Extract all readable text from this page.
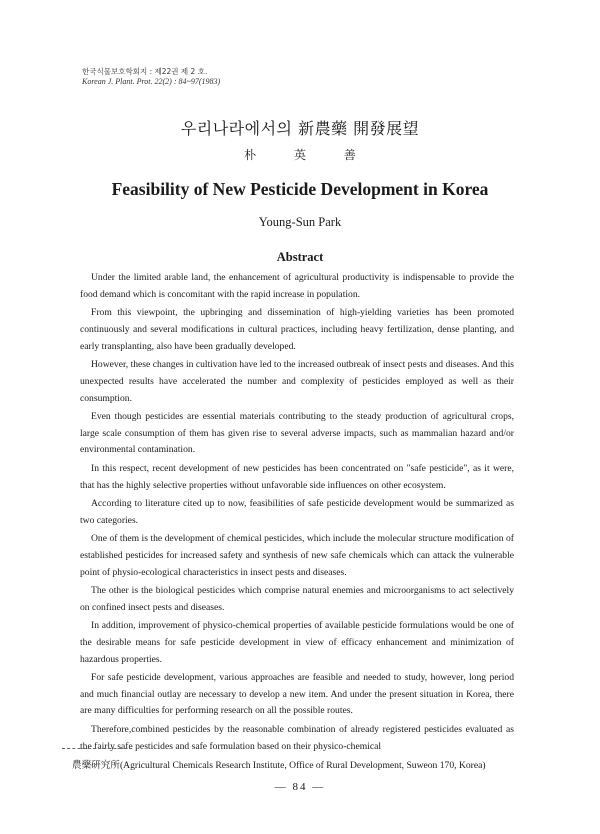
한국식물보호학회지 : 제22권 제 2 호.
Korean J. Plant. Prot. 22(2) : 84~97(1983)
우리나라에서의 新農藥 開發展望
朴 英 善
Feasibility of New Pesticide Development in Korea
Young-Sun Park
Abstract

Under the limited arable land, the enhancement of agricultural productivity is indispensable to provide the food demand which is concomitant with the rapid increase in population.

From this viewpoint, the upbringing and dissemination of high-yielding varieties has been promoted continuously and several modifications in cultural practices, including heavy fertilization, dense planting, and early transplanting, also have been gradually developed.

However, these changes in cultivation have led to the increased outbreak of insect pests and diseases. And this unexpected results have accelerated the number and complexity of pesticides employed as well as their consumption.

Even though pesticides are essential materials contributing to the steady production of agricultural crops, large scale consumption of them has given rise to several adverse impacts, such as mammalian hazard and/or environmental contamination.

In this respect, recent development of new pesticides has been concentrated on "safe pesticide", as it were, that has the highly selective properties without unfavorable side influences on other ecosystem.

According to literature cited up to now, feasibilities of safe pesticide development would be summarized as two categories.

One of them is the development of chemical pesticides, which include the molecular structure modification of established pesticides for increased safety and synthesis of new safe chemicals which can attack the vulnerable point of physio-ecological characteristics in insect pests and diseases.

The other is the biological pesticides which comprise natural enemies and microorganisms to act selectively on confined insect pests and diseases.

In addition, improvement of physico-chemical properties of available pesticide formulations would be one of the desirable means for safe pesticide development in view of efficacy enhancement and minimization of hazardous properties.

For safe pesticide development, various approaches are feasible and needed to study, however, long period and much financial outlay are necessary to develop a new item. And under the present situation in Korea, there are many difficulties for performing research on all the possible routes.

Therefore,combined pesticides by the reasonable combination of already registered pesticides evaluated as the fairly safe pesticides and safe formulation based on their physico-chemical

農藥硏究所(Agricultural Chemicals Research Institute, Office of Rural Development, Suweon 170, Korea)
— 84 —
